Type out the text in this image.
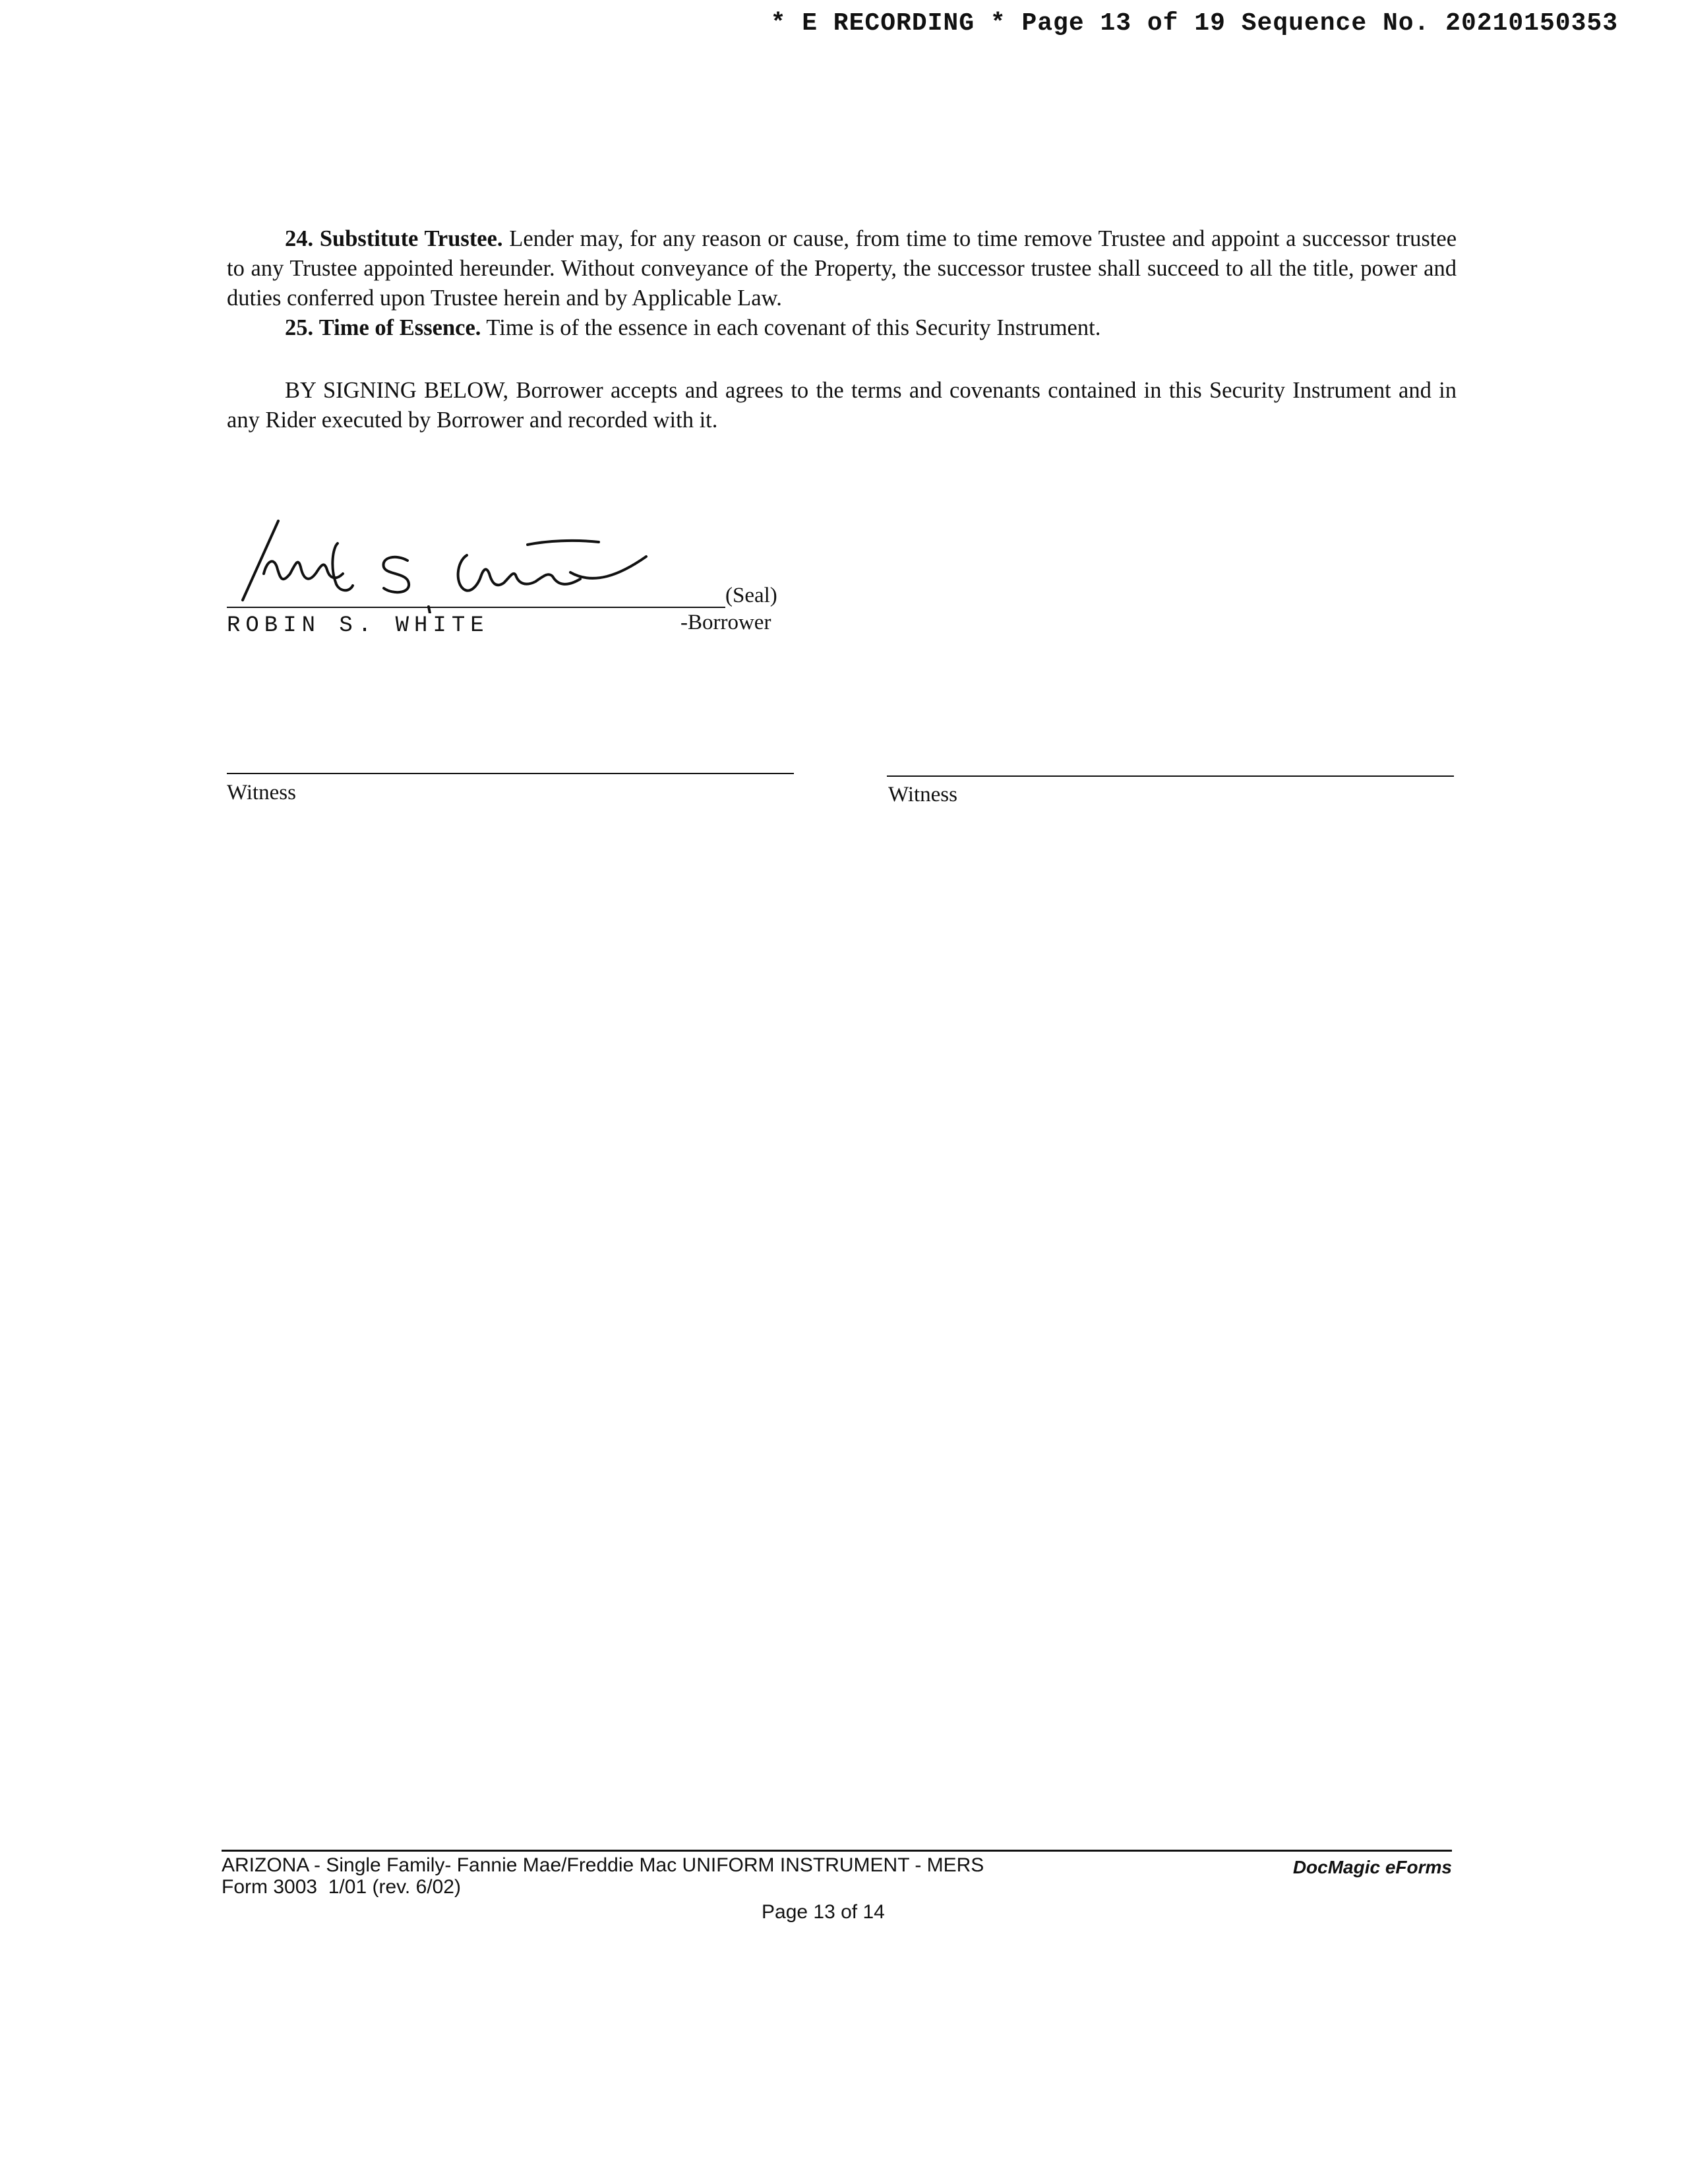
* E RECORDING * Page 13 of 19 Sequence No. 20210150353

24. Substitute Trustee. Lender may, for any reason or cause, from time to time remove Trustee and appoint a successor trustee to any Trustee appointed hereunder. Without conveyance of the Property, the successor trustee shall succeed to all the title, power and duties conferred upon Trustee herein and by Applicable Law.

25. Time of Essence. Time is of the essence in each covenant of this Security Instrument.

BY SIGNING BELOW, Borrower accepts and agrees to the terms and covenants contained in this Security Instrument and in any Rider executed by Borrower and recorded with it.

(Seal)
ROBIN S. WHITE	-Borrower
Witness	Witness
ARIZONA - Single Family- Fannie Mae/Freddie Mac UNIFORM INSTRUMENT - MERS
Form 3003  1/01 (rev. 6/02)
Page 13 of 14
DocMagic eForms
